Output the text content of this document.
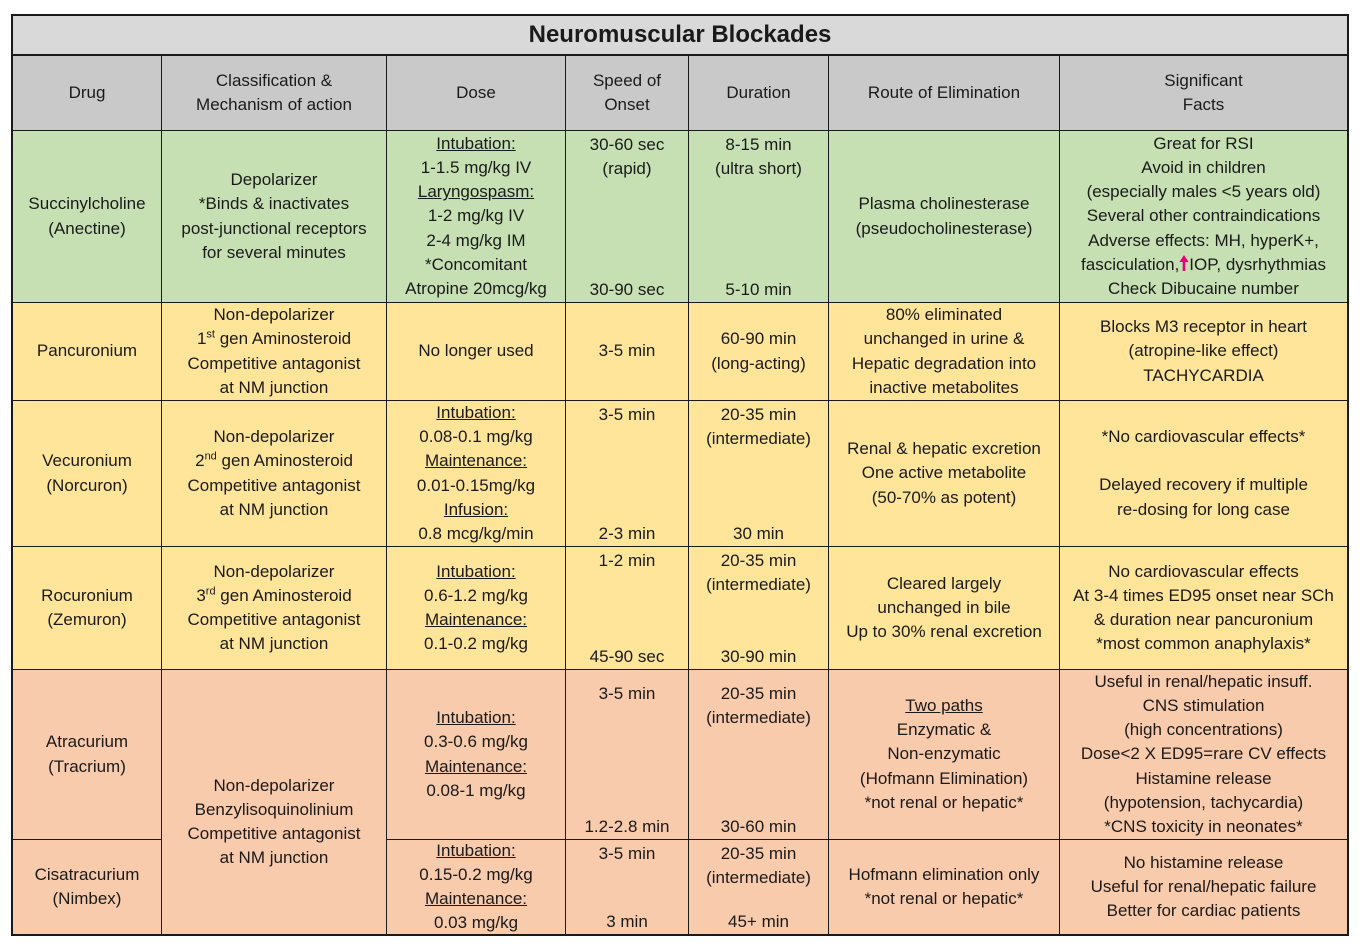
Neuromuscular Blockades
Drug
Classification &
Mechanism of action
Dose
Speed of
Onset
Duration	Route of Elimination
Significant
Facts
Succinylcholine
(Anectine)
Depolarizer
*Binds & inactivates
post-junctional receptors
for several minutes
Intubation:
1-1.5 mg/kg IV
Laryngospasm:
1-2 mg/kg IV
2-4 mg/kg IM
*Concomitant
Atropine 20mcg/kg
30-60 sec
(rapid)
30-90 sec
8-15 min
(ultra short)
5-10 min
Plasma cholinesterase
(pseudocholinesterase)
Great for RSI
Avoid in children
(especially males <5 years old)
Several other contraindications
Adverse effects: MH, hyperK+,
fasciculation, IOP, dysrhythmias
Check Dibucaine number
Pancuronium
Non-depolarizer
1st gen Aminosteroid
Competitive antagonist
at NM junction
No longer used	3-5 min
60-90 min
(long-acting)
80% eliminated
unchanged in urine &
Hepatic degradation into
inactive metabolites
Blocks M3 receptor in heart
(atropine-like effect)
TACHYCARDIA
Vecuronium
(Norcuron)
Non-depolarizer
2nd gen Aminosteroid
Competitive antagonist
at NM junction
Intubation:
0.08-0.1 mg/kg
Maintenance:
0.01-0.15mg/kg
Infusion:
0.8 mcg/kg/min
3-5 min
2-3 min
20-35 min
(intermediate)
30 min
Renal & hepatic excretion
One active metabolite
(50-70% as potent)
*No cardiovascular effects*
Delayed recovery if multiple
re-dosing for long case
Rocuronium
(Zemuron)
Non-depolarizer
3rd gen Aminosteroid
Competitive antagonist
at NM junction
Intubation:
0.6-1.2 mg/kg
Maintenance:
0.1-0.2 mg/kg
1-2 min
45-90 sec
20-35 min
(intermediate)
30-90 min
Cleared largely
unchanged in bile
Up to 30% renal excretion
No cardiovascular effects
At 3-4 times ED95 onset near SCh
& duration near pancuronium
*most common anaphylaxis*
Atracurium
(Tracrium)
Non-depolarizer
Benzylisoquinolinium
Competitive antagonist
at NM junction
Intubation:
0.3-0.6 mg/kg
Maintenance:
0.08-1 mg/kg
3-5 min
1.2-2.8 min
20-35 min
(intermediate)
30-60 min
Two paths
Enzymatic &
Non-enzymatic
(Hofmann Elimination)
*not renal or hepatic*
Useful in renal/hepatic insuff.
CNS stimulation
(high concentrations)
Dose<2 X ED95=rare CV effects
Histamine release
(hypotension, tachycardia)
*CNS toxicity in neonates*
Cisatracurium
(Nimbex)
Intubation:
0.15-0.2 mg/kg
Maintenance:
0.03 mg/kg
3-5 min
3 min
20-35 min
(intermediate)
45+ min
Hofmann elimination only
*not renal or hepatic*
No histamine release
Useful for renal/hepatic failure
Better for cardiac patients
